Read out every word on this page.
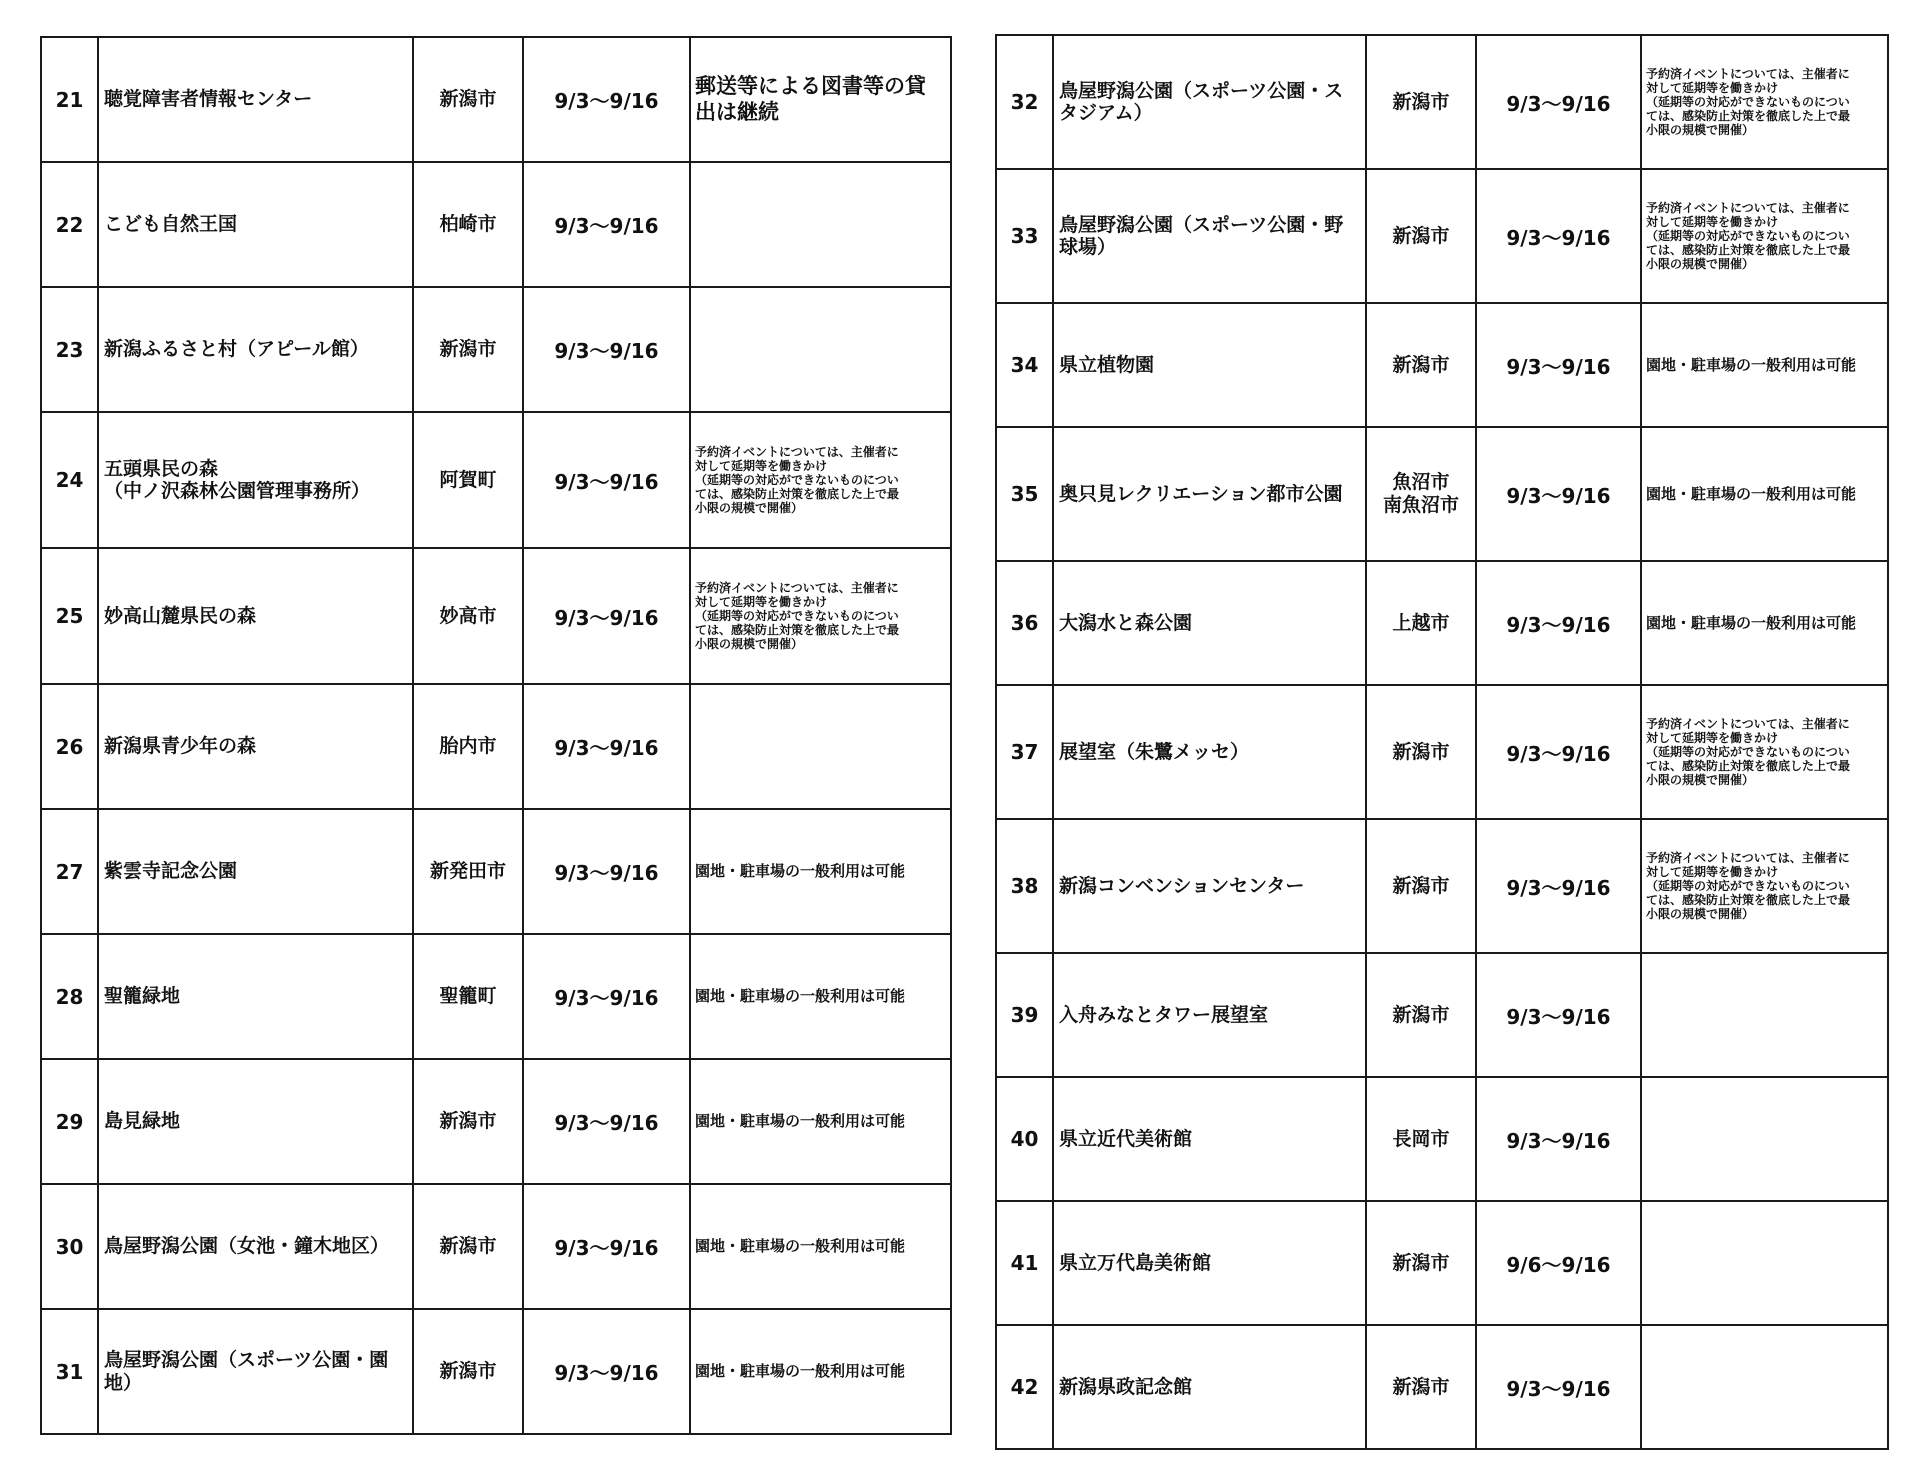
21	聴覚障害者情報センター	新潟市	9/3～9/16	郵送等による図書等の貸
出は継続

22	こども自然王国	柏崎市	9/3～9/16	
23	新潟ふるさと村（アピール館）	新潟市	9/3～9/16	
24	五頭県民の森
（中ノ沢森林公園管理事務所）	阿賀町	9/3～9/16	予約済イベントについては、主催者に
対して延期等を働きかけ
（延期等の対応ができないものについ
ては、感染防止対策を徹底した上で最
小限の規模で開催）

25	妙高山麓県民の森	妙高市	9/3～9/16	予約済イベントについては、主催者に
対して延期等を働きかけ
（延期等の対応ができないものについ
ては、感染防止対策を徹底した上で最
小限の規模で開催）

26	新潟県青少年の森	胎内市	9/3～9/16	
27	紫雲寺記念公園	新発田市	9/3～9/16	園地・駐車場の一般利用は可能
28	聖籠緑地	聖籠町	9/3～9/16	園地・駐車場の一般利用は可能
29	島見緑地	新潟市	9/3～9/16	園地・駐車場の一般利用は可能
30	鳥屋野潟公園（女池・鐘木地区）	新潟市	9/3～9/16	園地・駐車場の一般利用は可能
31	鳥屋野潟公園（スポーツ公園・園
地）	新潟市	9/3～9/16	園地・駐車場の一般利用は可能
32	鳥屋野潟公園（スポーツ公園・ス
タジアム）	新潟市	9/3～9/16	予約済イベントについては、主催者に
対して延期等を働きかけ
（延期等の対応ができないものについ
ては、感染防止対策を徹底した上で最
小限の規模で開催）

33	鳥屋野潟公園（スポーツ公園・野
球場）	新潟市	9/3～9/16	予約済イベントについては、主催者に
対して延期等を働きかけ
（延期等の対応ができないものについ
ては、感染防止対策を徹底した上で最
小限の規模で開催）

34	県立植物園	新潟市	9/3～9/16	園地・駐車場の一般利用は可能
35	奥只見レクリエーション都市公園	魚沼市
南魚沼市	9/3～9/16	園地・駐車場の一般利用は可能
36	大潟水と森公園	上越市	9/3～9/16	園地・駐車場の一般利用は可能
37	展望室（朱鷺メッセ）	新潟市	9/3～9/16	予約済イベントについては、主催者に
対して延期等を働きかけ
（延期等の対応ができないものについ
ては、感染防止対策を徹底した上で最
小限の規模で開催）

38	新潟コンベンションセンター	新潟市	9/3～9/16	予約済イベントについては、主催者に
対して延期等を働きかけ
（延期等の対応ができないものについ
ては、感染防止対策を徹底した上で最
小限の規模で開催）

39	入舟みなとタワー展望室	新潟市	9/3～9/16	
40	県立近代美術館	長岡市	9/3～9/16	
41	県立万代島美術館	新潟市	9/6～9/16	
42	新潟県政記念館	新潟市	9/3～9/16	
